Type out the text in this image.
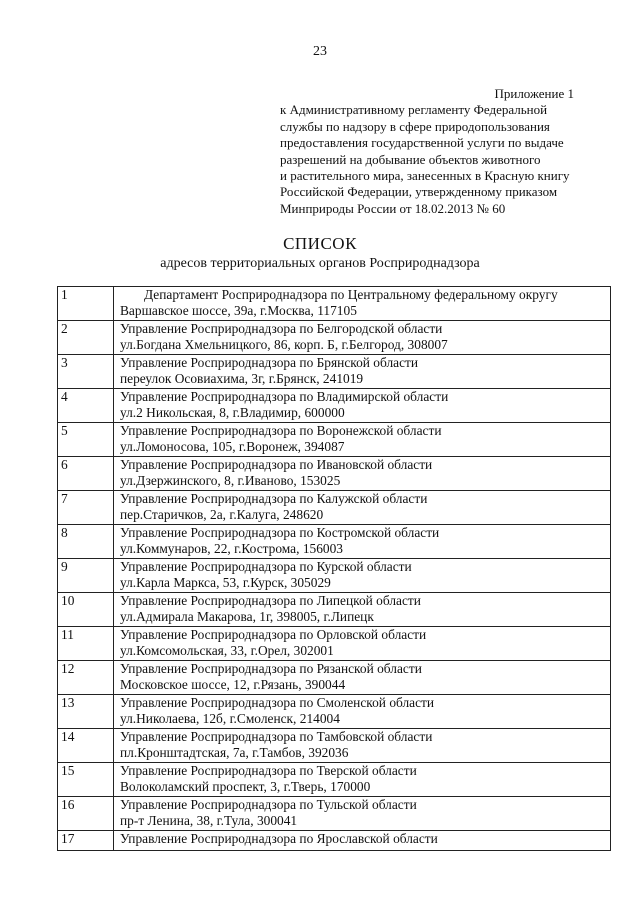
23
Приложение 1
к Административному регламенту Федеральной
службы по надзору в сфере природопользования
предоставления государственной услуги по выдаче
разрешений на добывание объектов животного
и растительного мира, занесенных в Красную книгу
Российской Федерации, утвержденному приказом
Минприроды России от 18.02.2013 № 60
СПИСОК
адресов территориальных органов Росприроднадзора
1	Департамент Росприроднадзора по Центральному федеральному округу
Варшавское шоссе, 39а, г.Москва, 117105

2	Управление Росприроднадзора по Белгородской области
ул.Богдана Хмельницкого, 86, корп. Б, г.Белгород, 308007

3	Управление Росприроднадзора по Брянской области
переулок Осовиахима, 3г, г.Брянск, 241019

4	Управление Росприроднадзора по Владимирской области
ул.2 Никольская, 8, г.Владимир, 600000

5	Управление Росприроднадзора по Воронежской области
ул.Ломоносова, 105, г.Воронеж, 394087

6	Управление Росприроднадзора по Ивановской области
ул.Дзержинского, 8, г.Иваново, 153025

7	Управление Росприроднадзора по Калужской области
пер.Старичков, 2а, г.Калуга, 248620

8	Управление Росприроднадзора по Костромской области
ул.Коммунаров, 22, г.Кострома, 156003

9	Управление Росприроднадзора по Курской области
ул.Карла Маркса, 53, г.Курск, 305029

10	Управление Росприроднадзора по Липецкой области
ул.Адмирала Макарова, 1г, 398005, г.Липецк

11	Управление Росприроднадзора по Орловской области
ул.Комсомольская, 33, г.Орел, 302001

12	Управление Росприроднадзора по Рязанской области
Московское шоссе, 12, г.Рязань, 390044

13	Управление Росприроднадзора по Смоленской области
ул.Николаева, 12б, г.Смоленск, 214004

14	Управление Росприроднадзора по Тамбовской области
пл.Кронштадтская, 7а, г.Тамбов, 392036

15	Управление Росприроднадзора по Тверской области
Волоколамский проспект, 3, г.Тверь, 170000

16	Управление Росприроднадзора по Тульской области
пр-т Ленина, 38, г.Тула, 300041

17	Управление Росприроднадзора по Ярославской области
